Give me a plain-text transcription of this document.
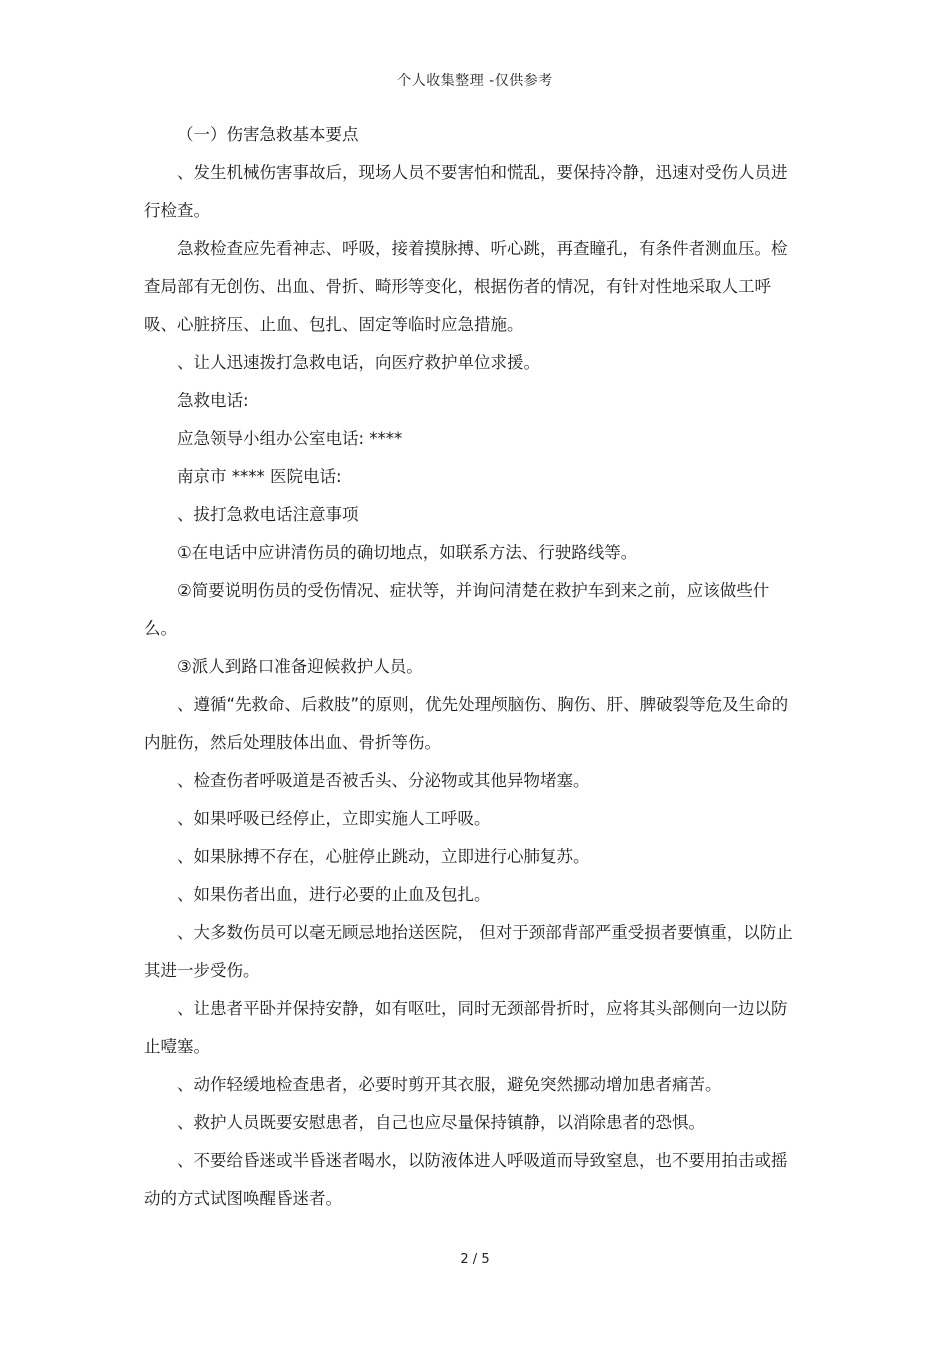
个人收集整理 -仅供参考

（一）伤害急救基本要点

、发生机械伤害事故后，现场人员不要害怕和慌乱，要保持冷静，迅速对受伤人员进行检查。

急救检查应先看神志、呼吸，接着摸脉搏、听心跳，再查瞳孔，有条件者测血压。检查局部有无创伤、出血、骨折、畸形等变化，根据伤者的情况，有针对性地采取人工呼吸、心脏挤压、止血、包扎、固定等临时应急措施。

、让人迅速拨打急救电话，向医疗救护单位求援。

急救电话:

应急领导小组办公室电话: ****

南京市 **** 医院电话:

、拔打急救电话注意事项

①在电话中应讲清伤员的确切地点，如联系方法、行驶路线等。

②简要说明伤员的受伤情况、症状等，并询问清楚在救护车到来之前，应该做些什么。

③派人到路口准备迎候救护人员。

、遵循“先救命、后救肢”的原则，优先处理颅脑伤、胸伤、肝、脾破裂等危及生命的内脏伤，然后处理肢体出血、骨折等伤。

、检查伤者呼吸道是否被舌头、分泌物或其他异物堵塞。

、如果呼吸已经停止，立即实施人工呼吸。

、如果脉搏不存在，心脏停止跳动，立即进行心肺复苏。

、如果伤者出血，进行必要的止血及包扎。

、大多数伤员可以毫无顾忌地抬送医院， 但对于颈部背部严重受损者要慎重，以防止其进一步受伤。

、让患者平卧并保持安静，如有呕吐，同时无颈部骨折时，应将其头部侧向一边以防止噎塞。

、动作轻缓地检查患者，必要时剪开其衣服，避免突然挪动增加患者痛苦。

、救护人员既要安慰患者，自己也应尽量保持镇静，以消除患者的恐惧。

、不要给昏迷或半昏迷者喝水，以防液体进人呼吸道而导致窒息，也不要用拍击或摇动的方式试图唤醒昏迷者。

2 / 5
